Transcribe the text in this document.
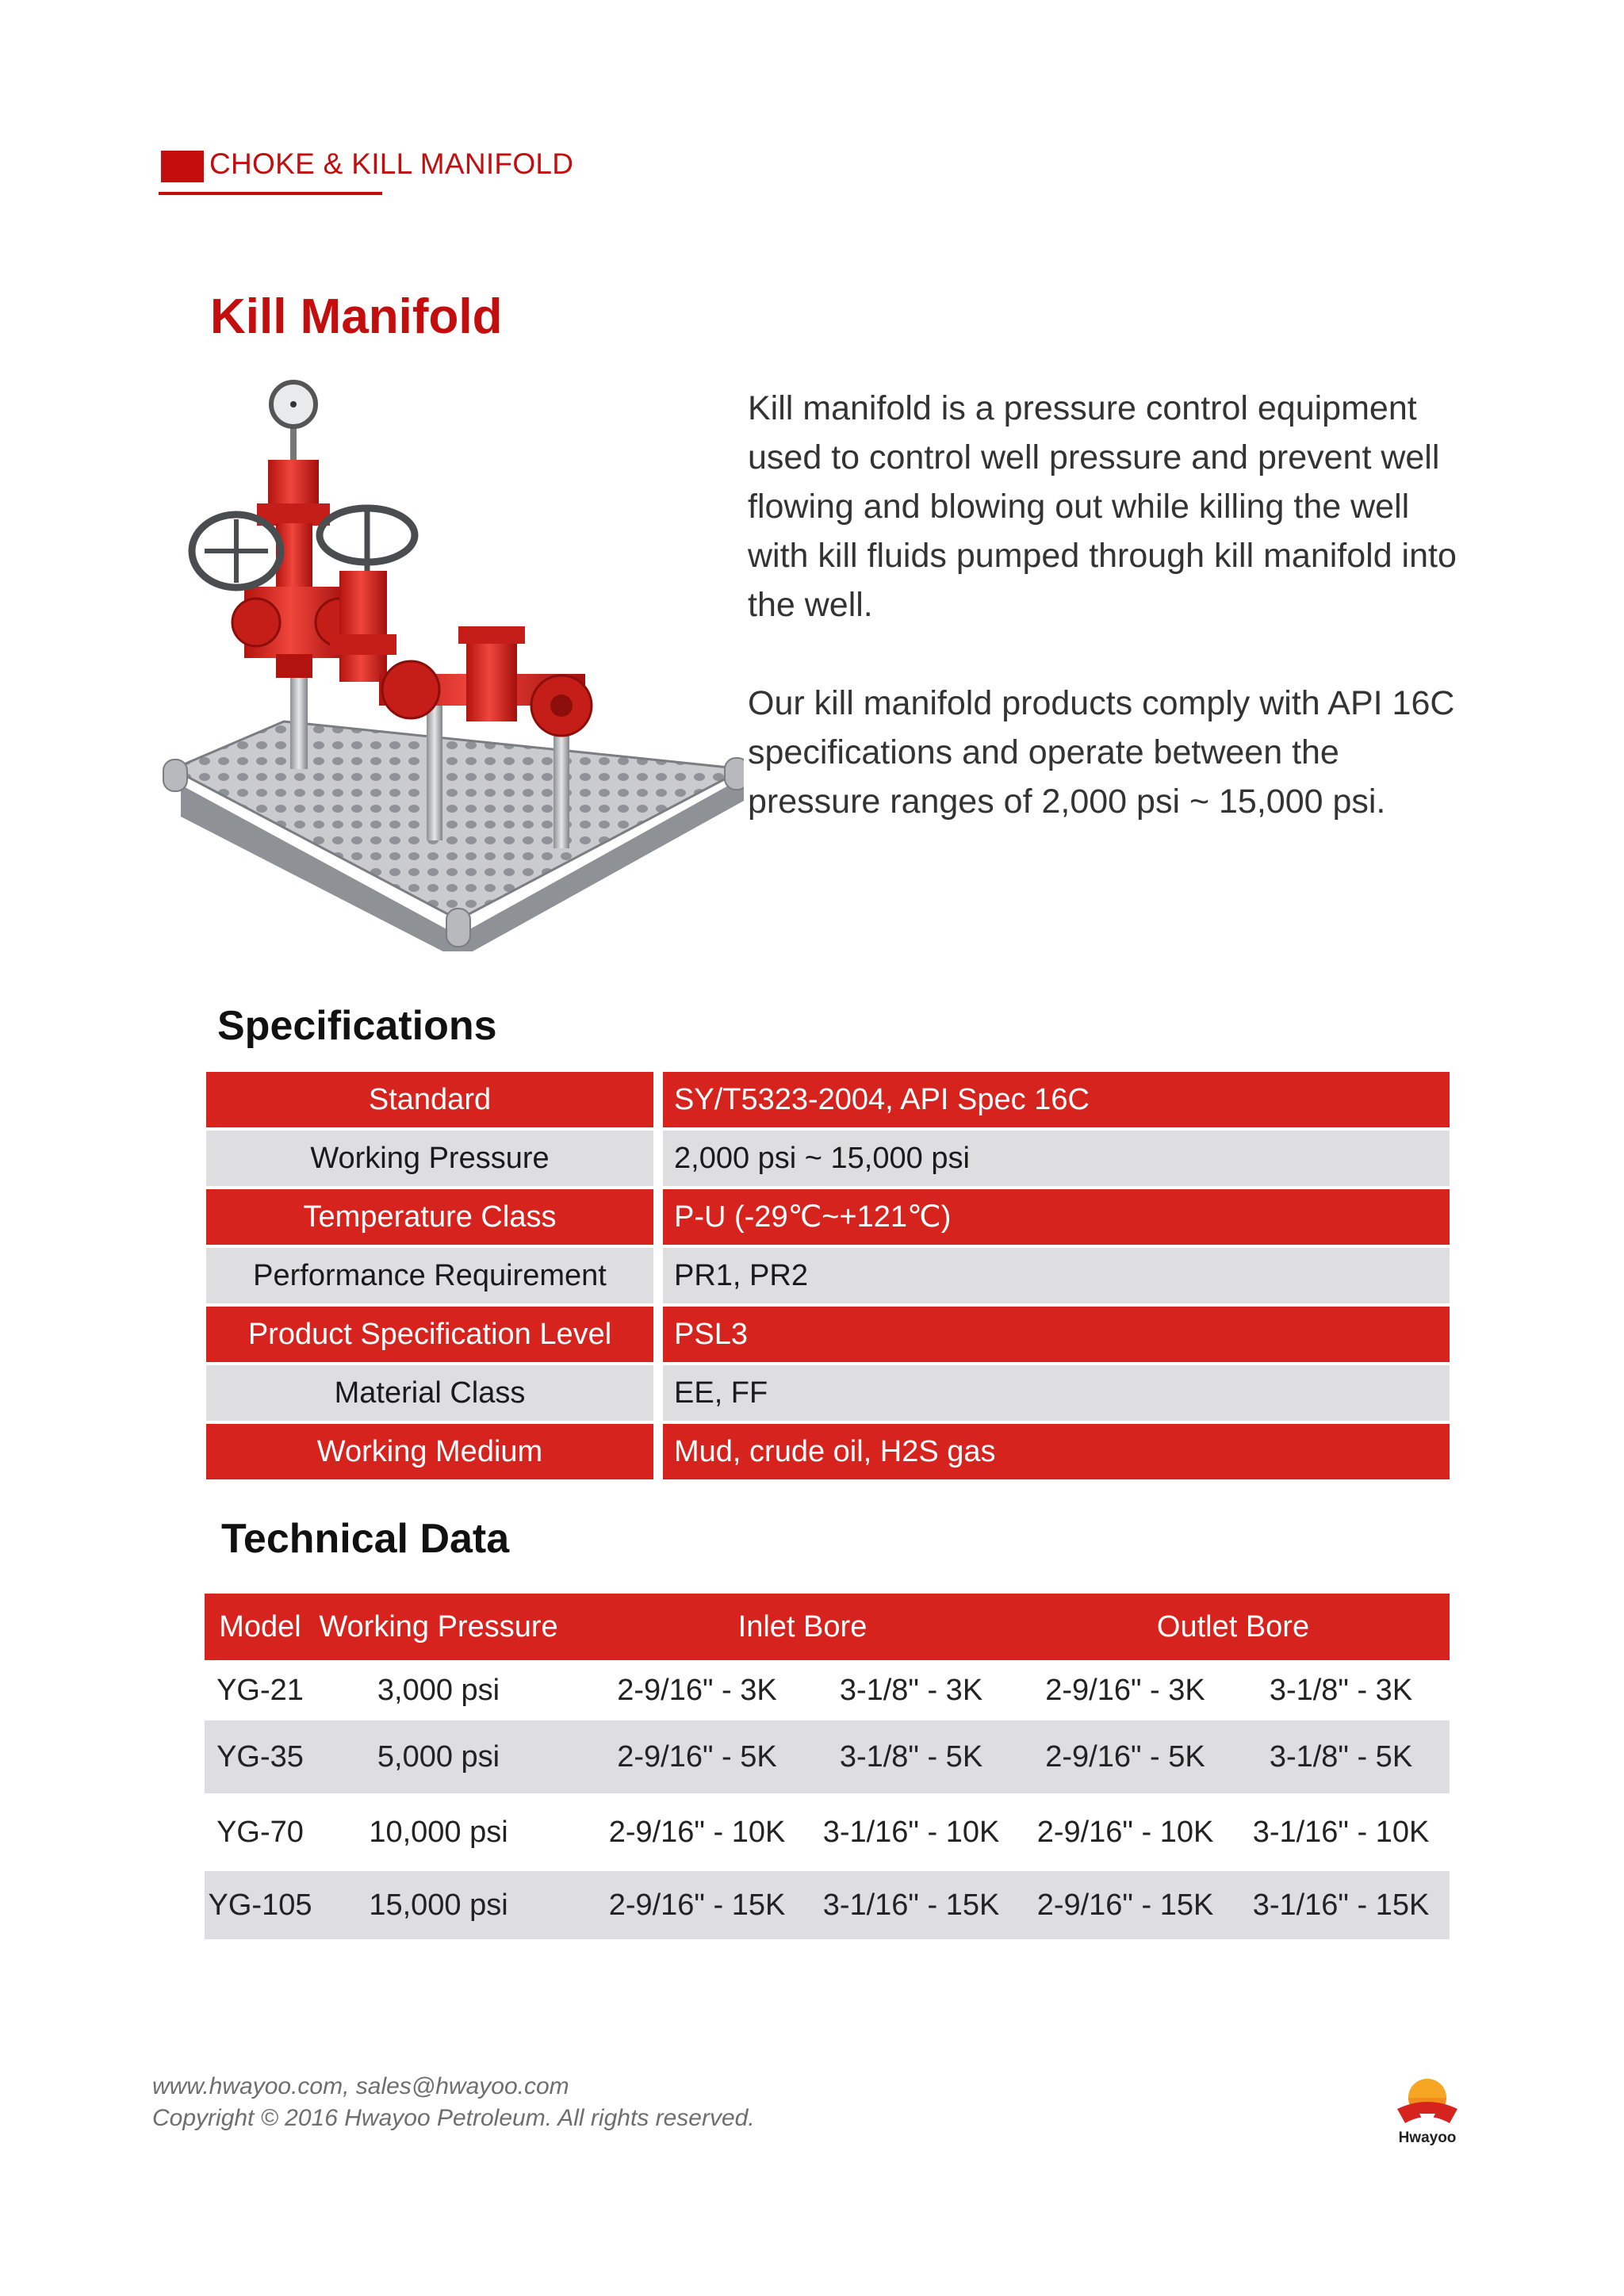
CHOKE & KILL MANIFOLD
Kill Manifold

Kill manifold is a pressure control equipment used to control well pressure and prevent well flowing and blowing out while killing the well with kill fluids pumped through kill manifold into the well.

Our kill manifold products comply with API 16C specifications and operate between the pressure ranges of 2,000 psi ~ 15,000 psi.

Specifications
Standard	SY/T5323-2004, API Spec 16C
Working Pressure	2,000 psi ~ 15,000 psi
Temperature Class	P-U (-29℃~+121℃)
Performance Requirement	PR1, PR2
Product Specification Level	PSL3
Material Class	EE, FF
Working Medium	Mud, crude oil, H2S gas
Technical Data
Model Working Pressure	Inlet Bore	Outlet Bore
YG-21	3,000 psi	2-9/16" - 3K	3-1/8" - 3K	2-9/16" - 3K	3-1/8" - 3K
YG-35	5,000 psi	2-9/16" - 5K	3-1/8" - 5K	2-9/16" - 5K	3-1/8" - 5K
YG-70	10,000 psi	2-9/16" - 10K	3-1/16" - 10K	2-9/16" - 10K	3-1/16" - 10K
YG-105	15,000 psi	2-9/16" - 15K	3-1/16" - 15K	2-9/16" - 15K	3-1/16" - 15K
www.hwayoo.com, sales@hwayoo.com
Copyright © 2016 Hwayoo Petroleum. All rights reserved.
Hwayoo
